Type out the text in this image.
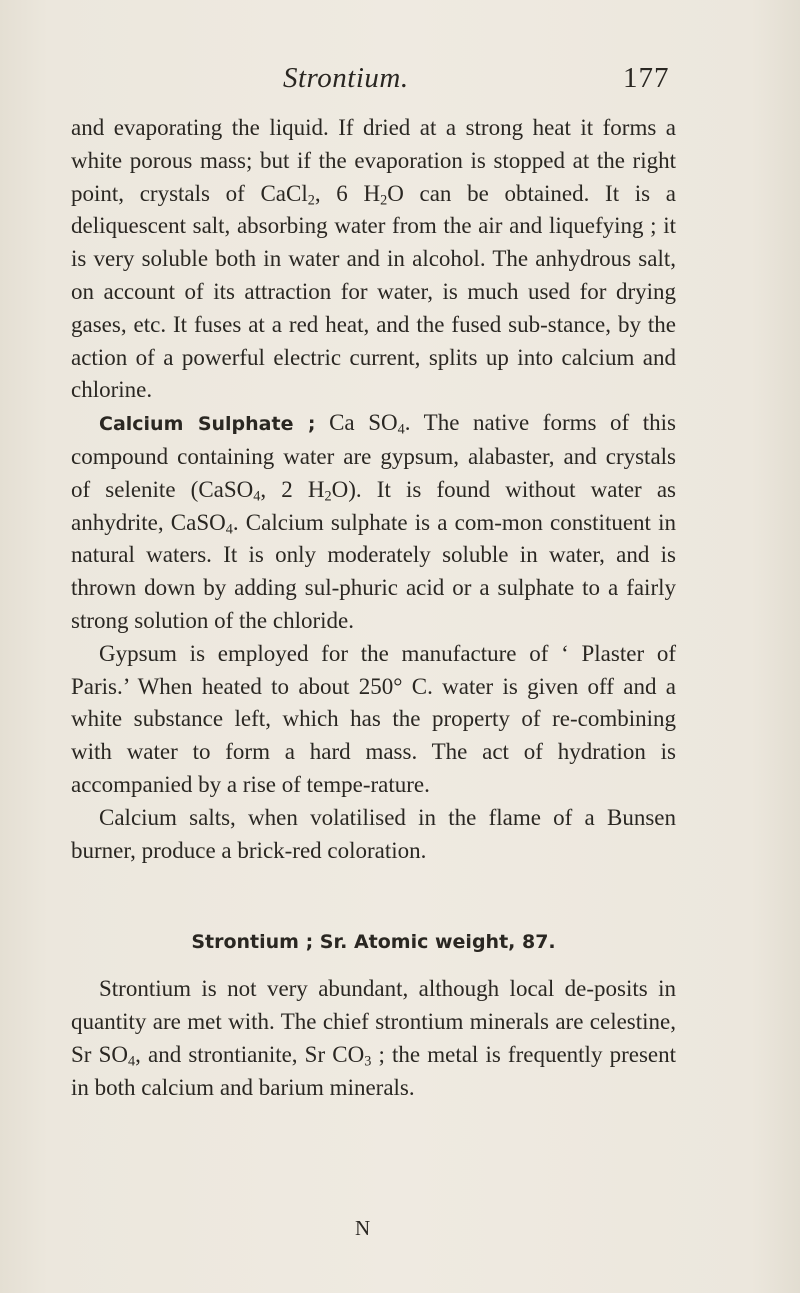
Strontium.	177

and evaporating the liquid. If dried at a strong heat it forms a white porous mass; but if the evaporation is stopped at the right point, crystals of CaCl$_2$, 6 $H_2O$ can be obtained. It is a deliquescent salt, absorbing water from the air and liquefying ; it is very soluble both in water and in alcohol. The anhydrous salt, on account of its attraction for water, is much used for drying gases, etc. It fuses at a red heat, and the fused sub-stance, by the action of a powerful electric current, splits up into calcium and chlorine.

Calcium Sulphate ; Ca $SO_4$. The native forms of this compound containing water are gypsum, alabaster, and crystals of selenite (CaSO$_4$, 2 $H_2O$). It is found without water as anhydrite, CaSO$_4$. Calcium sulphate is a com-mon constituent in natural waters. It is only moderately soluble in water, and is thrown down by adding sul-phuric acid or a sulphate to a fairly strong solution of the chloride.

Gypsum is employed for the manufacture of ‘ Plaster of Paris.’ When heated to about 250° C. water is given off and a white substance left, which has the property of re-combining with water to form a hard mass. The act of hydration is accompanied by a rise of tempe-rature.

Calcium salts, when volatilised in the flame of a Bunsen burner, produce a brick-red coloration.

Strontium ; Sr. Atomic weight, 87.

Strontium is not very abundant, although local de-posits in quantity are met with. The chief strontium minerals are celestine, Sr $SO_4$, and strontianite, Sr $CO_3$ ; the metal is frequently present in both calcium and barium minerals.

N
